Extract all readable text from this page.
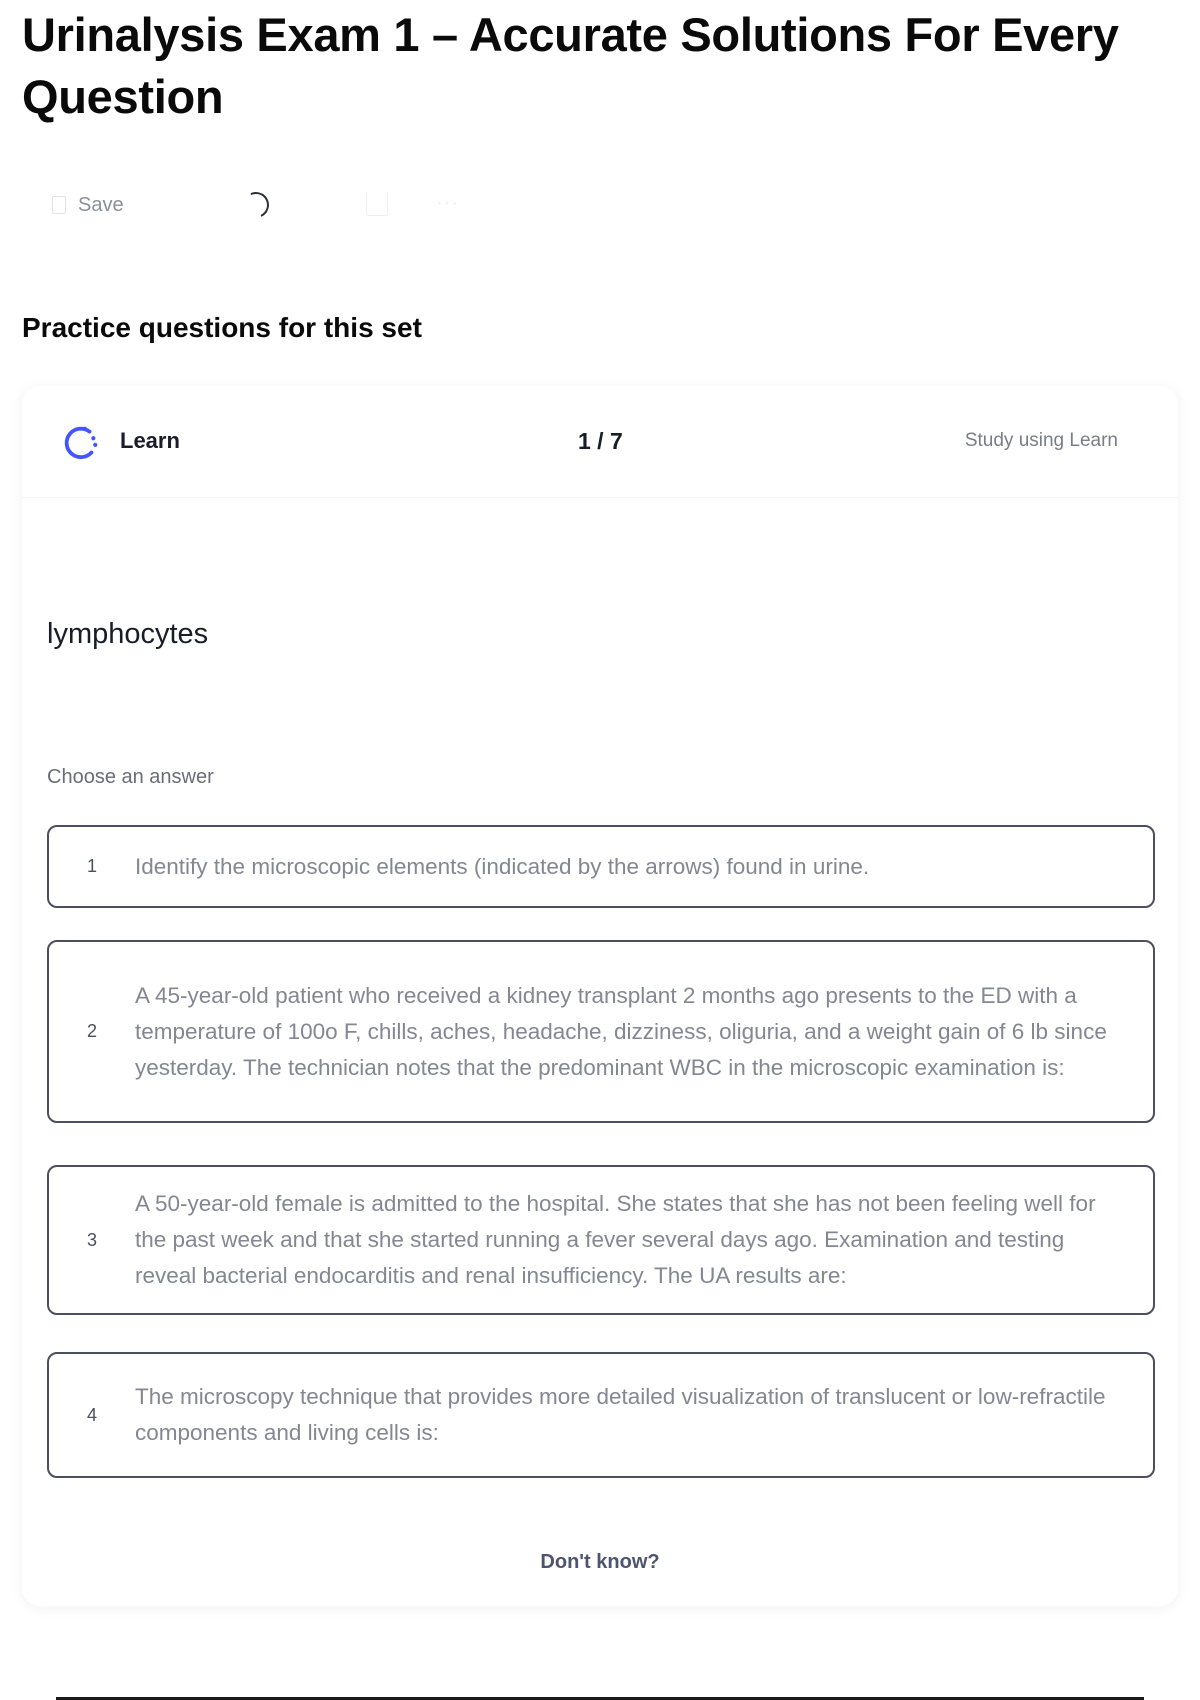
Urinalysis Exam 1 – Accurate Solutions For Every Question
Save	···
Practice questions for this set
Learn	1 / 7	Study using Learn
lymphocytes
Choose an answer
1	Identify the microscopic elements (indicated by the arrows) found in urine.
2
A 45-year-old patient who received a kidney transplant 2 months ago presents to the ED with a temperature of 100o F, chills, aches, headache, dizziness, oliguria, and a weight gain of 6 lb since yesterday. The technician notes that the predominant WBC in the microscopic examination is:
3
A 50-year-old female is admitted to the hospital. She states that she has not been feeling well for the past week and that she started running a fever several days ago. Examination and testing reveal bacterial endocarditis and renal insufficiency. The UA results are:
4
The microscopy technique that provides more detailed visualization of translucent or low-refractile components and living cells is:
Don't know?
